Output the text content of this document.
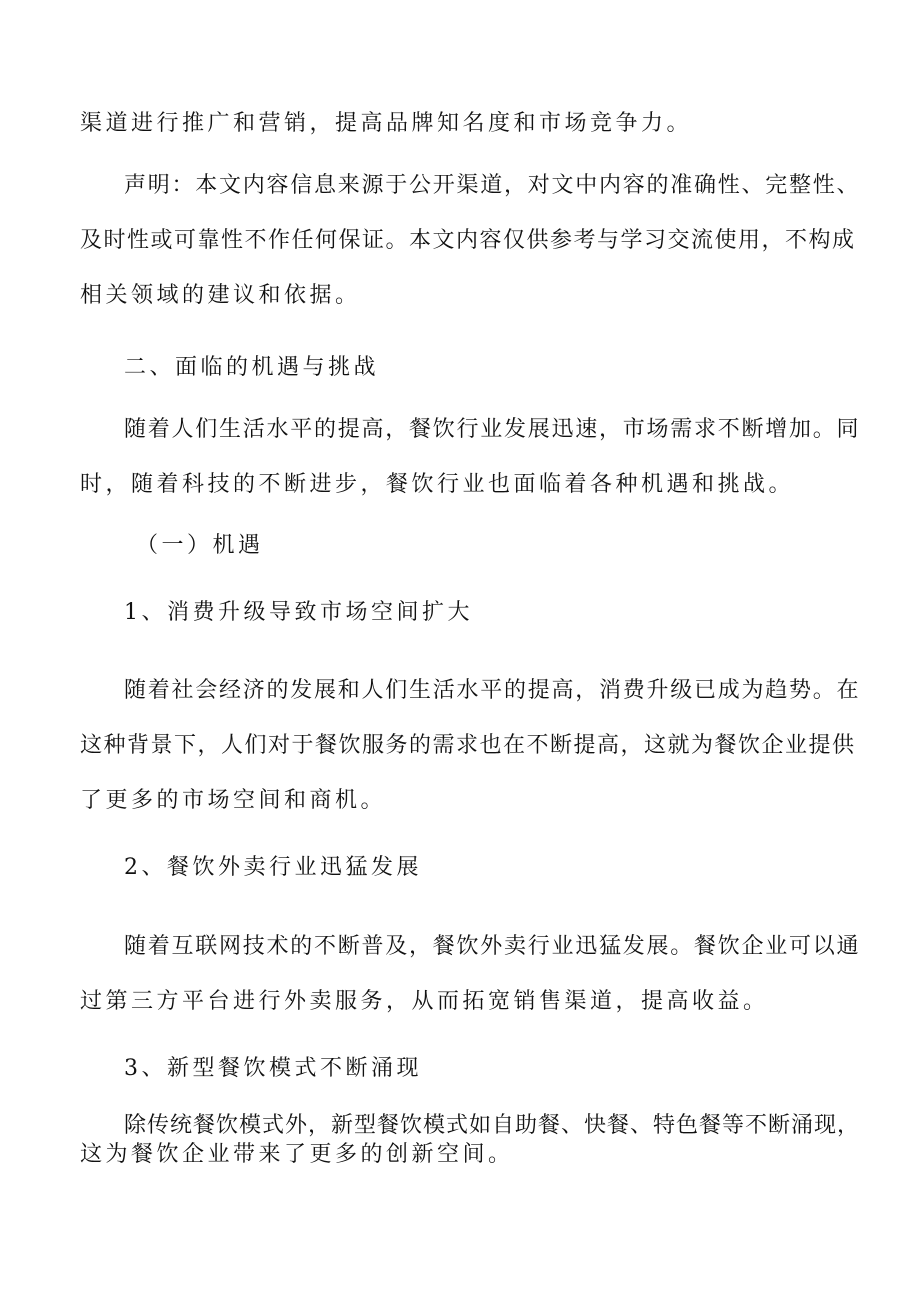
渠道进行推广和营销，提高品牌知名度和市场竞争力。

声明：本文内容信息来源于公开渠道，对文中内容的准确性、完整性、

及时性或可靠性不作任何保证。本文内容仅供参考与学习交流使用，不构成

相关领域的建议和依据。

二、面临的机遇与挑战

随着人们生活水平的提高，餐饮行业发展迅速，市场需求不断增加。同

时，随着科技的不断进步，餐饮行业也面临着各种机遇和挑战。

（一）机遇

1、消费升级导致市场空间扩大

随着社会经济的发展和人们生活水平的提高，消费升级已成为趋势。在

这种背景下，人们对于餐饮服务的需求也在不断提高，这就为餐饮企业提供

了更多的市场空间和商机。

2、餐饮外卖行业迅猛发展

随着互联网技术的不断普及，餐饮外卖行业迅猛发展。餐饮企业可以通

过第三方平台进行外卖服务，从而拓宽销售渠道，提高收益。

3、新型餐饮模式不断涌现

除传统餐饮模式外，新型餐饮模式如自助餐、快餐、特色餐等不断涌现，

这为餐饮企业带来了更多的创新空间。
